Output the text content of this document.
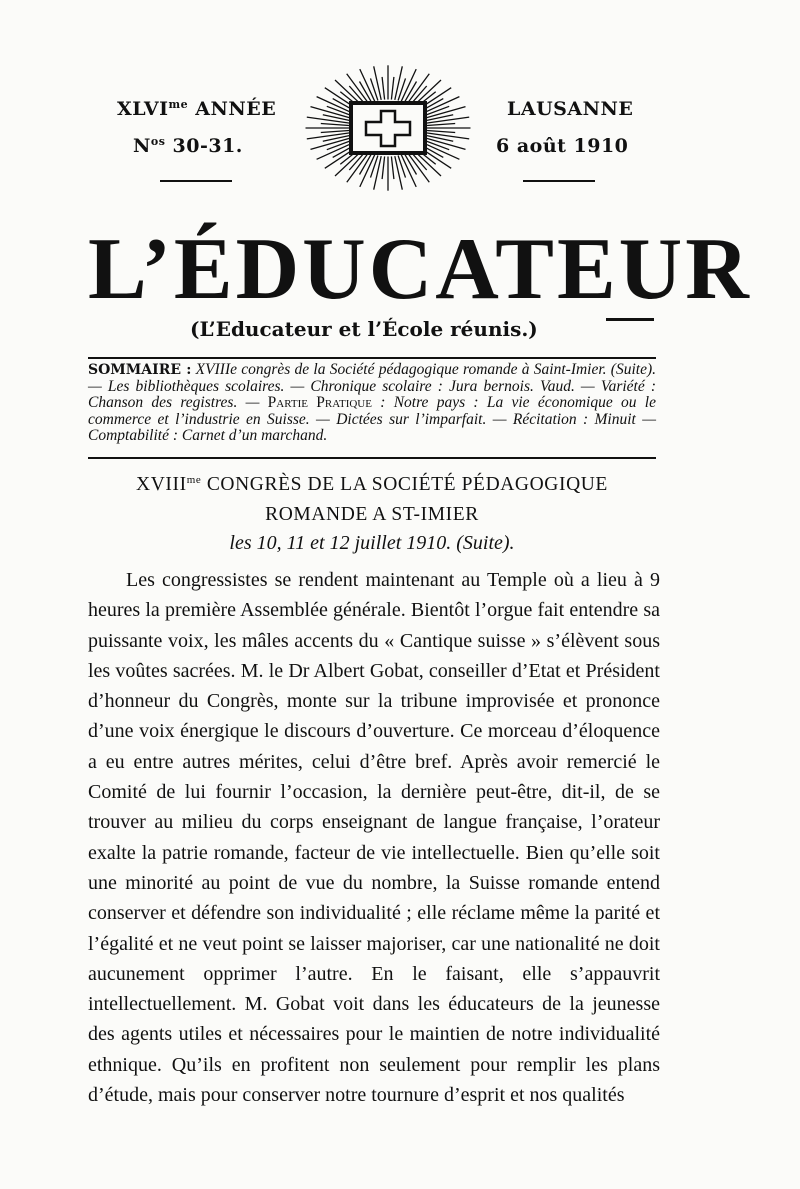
$XLVI^{me}$ ANNÉE
$N^{os}$ 30-31.
LAUSANNE
6 août 1910
L’ÉDUCATEUR
(L’Educateur et l’École réunis.)
SOMMAIRE : XVIIIe congrès de la Société pédagogique romande à Saint-Imier. (Suite). — Les bibliothèques scolaires. — Chronique scolaire : Jura bernois. Vaud. — Variété : Chanson des registres. — Partie Pratique : Notre pays : La vie économique ou le commerce et l’industrie en Suisse. — Dictées sur l’imparfait. — Récitation : Minuit — Comptabilité : Carnet d’un marchand.
$XVIII^{me}$ CONGRÈS DE LA SOCIÉTÉ PÉDAGOGIQUE
ROMANDE A ST-IMIER
les 10, 11 et 12 juillet 1910. (Suite).
Les congressistes se rendent maintenant au Temple où a lieu à 9 heures la première Assemblée générale. Bientôt l’orgue fait entendre sa puissante voix, les mâles accents du « Cantique suisse » s’élèvent sous les voûtes sacrées. M. le Dr Albert Gobat, conseiller d’Etat et Président d’honneur du Congrès, monte sur la tribune improvisée et prononce d’une voix énergique le discours d’ouverture. Ce morceau d’éloquence a eu entre autres mérites, celui d’être bref. Après avoir remercié le Comité de lui fournir l’occasion, la dernière peut-être, dit-il, de se trouver au milieu du corps enseignant de langue française, l’orateur exalte la patrie romande, facteur de vie intellectuelle. Bien qu’elle soit une minorité au point de vue du nombre, la Suisse romande entend conserver et défendre son individualité ; elle réclame même la parité et l’égalité et ne veut point se laisser majoriser, car une nationalité ne doit aucunement opprimer l’autre. En le faisant, elle s’appauvrit intellectuellement. M. Gobat voit dans les éducateurs de la jeunesse des agents utiles et nécessaires pour le maintien de notre individualité ethnique. Qu’ils en profitent non seulement pour remplir les plans d’étude, mais pour conserver notre tournure d’esprit et nos qualités
